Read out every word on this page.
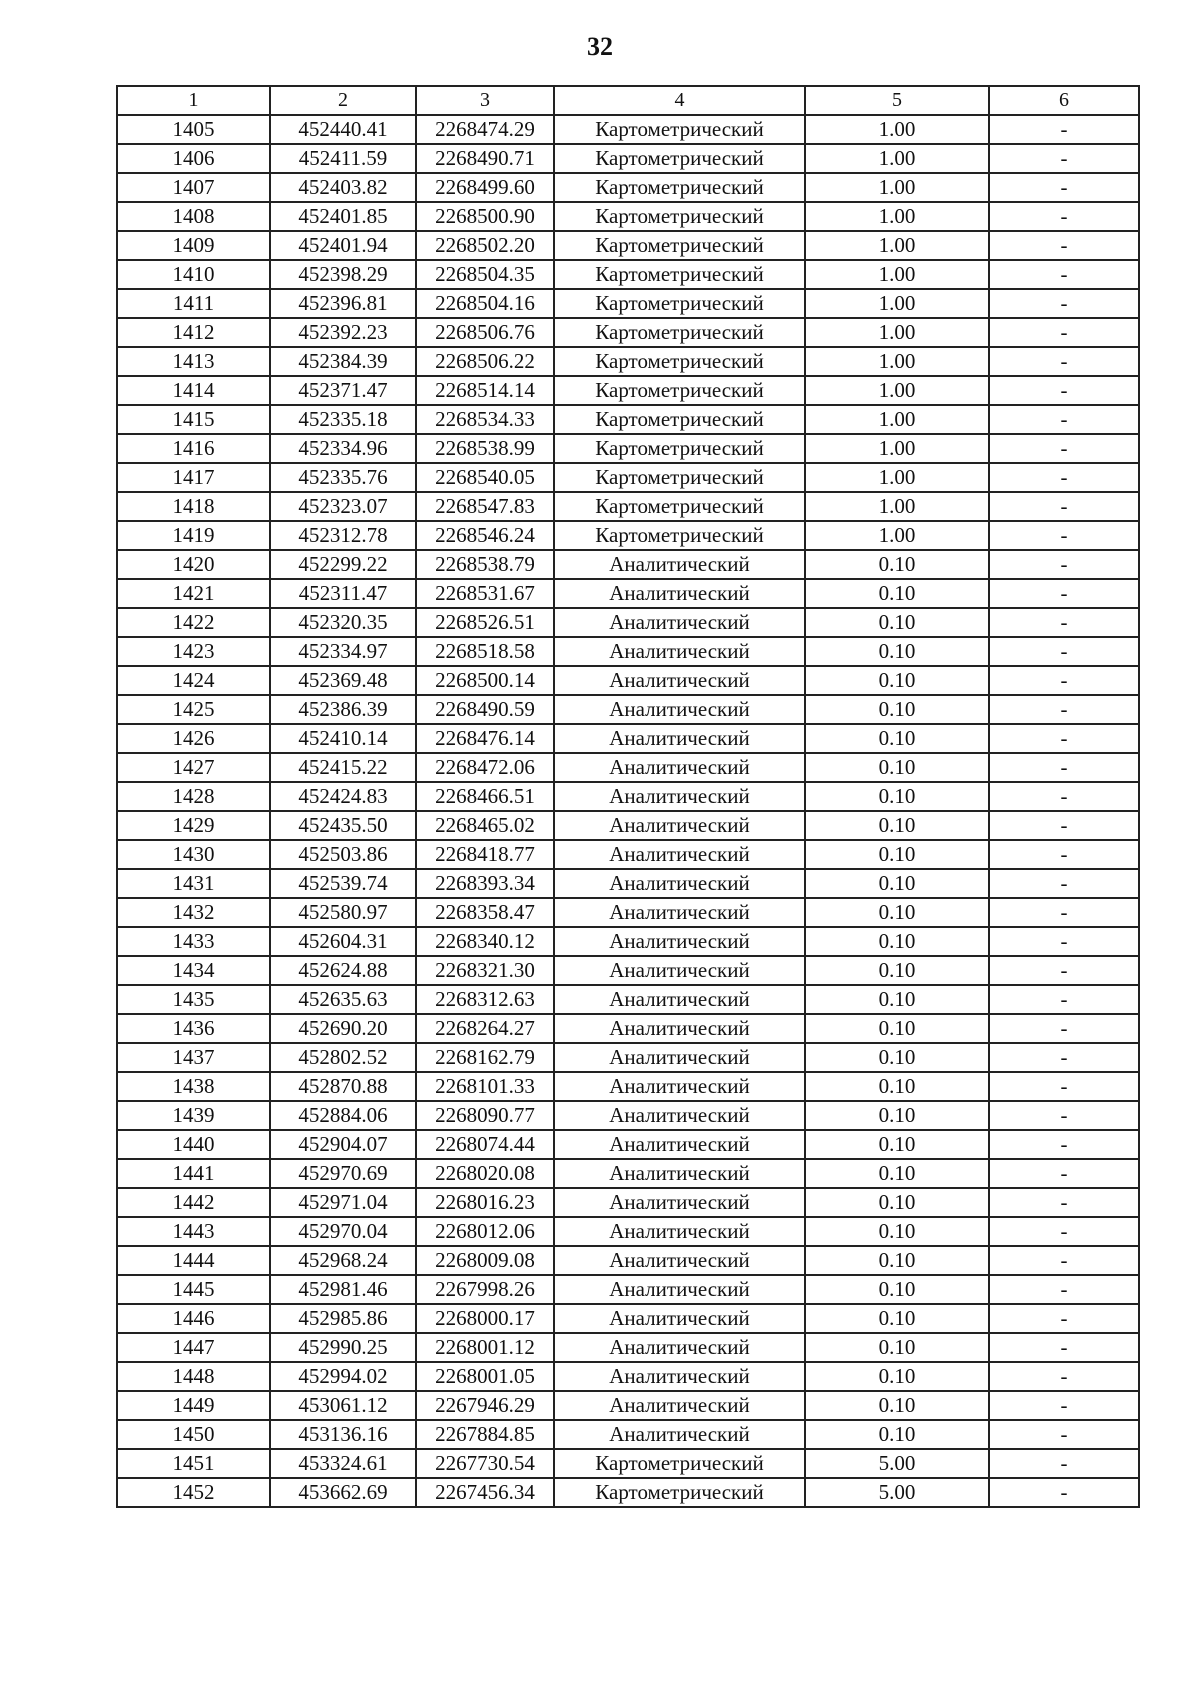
32
1	2	3	4	5	6
1405	452440.41	2268474.29	Картометрический	1.00	-
1406	452411.59	2268490.71	Картометрический	1.00	-
1407	452403.82	2268499.60	Картометрический	1.00	-
1408	452401.85	2268500.90	Картометрический	1.00	-
1409	452401.94	2268502.20	Картометрический	1.00	-
1410	452398.29	2268504.35	Картометрический	1.00	-
1411	452396.81	2268504.16	Картометрический	1.00	-
1412	452392.23	2268506.76	Картометрический	1.00	-
1413	452384.39	2268506.22	Картометрический	1.00	-
1414	452371.47	2268514.14	Картометрический	1.00	-
1415	452335.18	2268534.33	Картометрический	1.00	-
1416	452334.96	2268538.99	Картометрический	1.00	-
1417	452335.76	2268540.05	Картометрический	1.00	-
1418	452323.07	2268547.83	Картометрический	1.00	-
1419	452312.78	2268546.24	Картометрический	1.00	-
1420	452299.22	2268538.79	Аналитический	0.10	-
1421	452311.47	2268531.67	Аналитический	0.10	-
1422	452320.35	2268526.51	Аналитический	0.10	-
1423	452334.97	2268518.58	Аналитический	0.10	-
1424	452369.48	2268500.14	Аналитический	0.10	-
1425	452386.39	2268490.59	Аналитический	0.10	-
1426	452410.14	2268476.14	Аналитический	0.10	-
1427	452415.22	2268472.06	Аналитический	0.10	-
1428	452424.83	2268466.51	Аналитический	0.10	-
1429	452435.50	2268465.02	Аналитический	0.10	-
1430	452503.86	2268418.77	Аналитический	0.10	-
1431	452539.74	2268393.34	Аналитический	0.10	-
1432	452580.97	2268358.47	Аналитический	0.10	-
1433	452604.31	2268340.12	Аналитический	0.10	-
1434	452624.88	2268321.30	Аналитический	0.10	-
1435	452635.63	2268312.63	Аналитический	0.10	-
1436	452690.20	2268264.27	Аналитический	0.10	-
1437	452802.52	2268162.79	Аналитический	0.10	-
1438	452870.88	2268101.33	Аналитический	0.10	-
1439	452884.06	2268090.77	Аналитический	0.10	-
1440	452904.07	2268074.44	Аналитический	0.10	-
1441	452970.69	2268020.08	Аналитический	0.10	-
1442	452971.04	2268016.23	Аналитический	0.10	-
1443	452970.04	2268012.06	Аналитический	0.10	-
1444	452968.24	2268009.08	Аналитический	0.10	-
1445	452981.46	2267998.26	Аналитический	0.10	-
1446	452985.86	2268000.17	Аналитический	0.10	-
1447	452990.25	2268001.12	Аналитический	0.10	-
1448	452994.02	2268001.05	Аналитический	0.10	-
1449	453061.12	2267946.29	Аналитический	0.10	-
1450	453136.16	2267884.85	Аналитический	0.10	-
1451	453324.61	2267730.54	Картометрический	5.00	-
1452	453662.69	2267456.34	Картометрический	5.00	-
